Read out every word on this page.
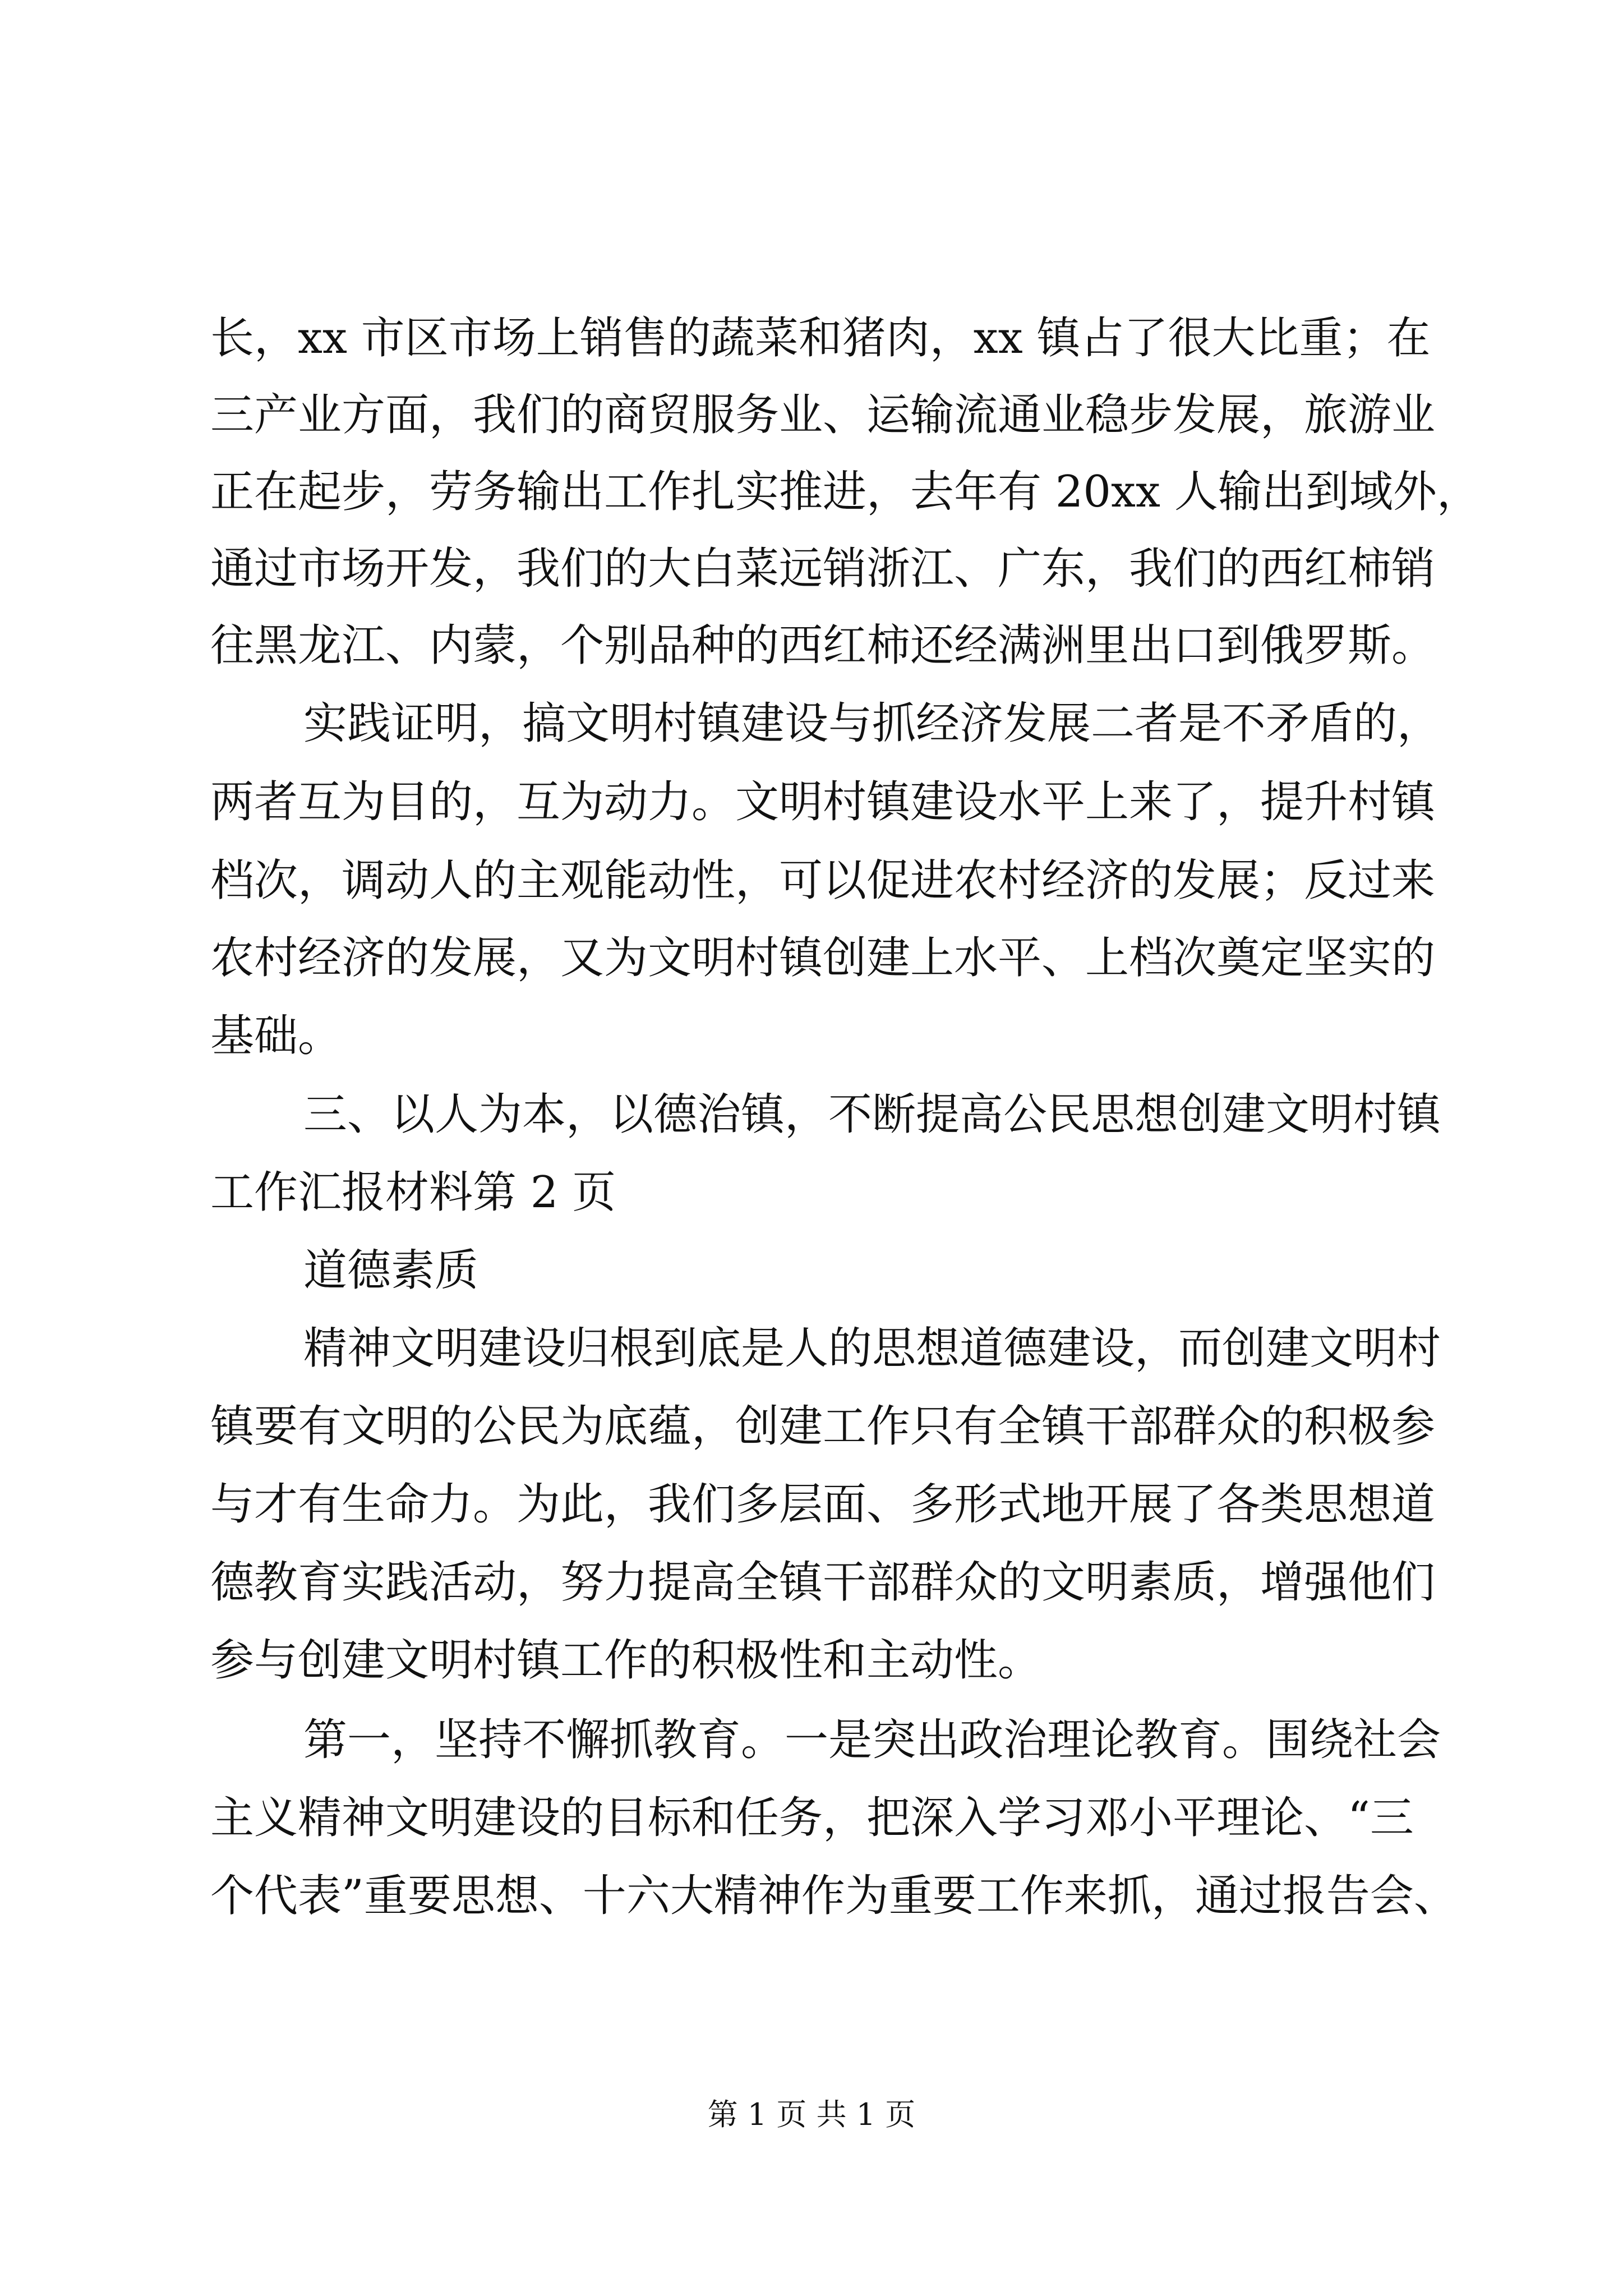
长，xx 市区市场上销售的蔬菜和猪肉，xx 镇占了很大比重；在
三产业方面，我们的商贸服务业、运输流通业稳步发展，旅游业
正在起步，劳务输出工作扎实推进，去年有 20xx 人输出到域外，
通过市场开发，我们的大白菜远销浙江、广东，我们的西红柿销
往黑龙江、内蒙，个别品种的西红柿还经满洲里出口到俄罗斯。
实践证明，搞文明村镇建设与抓经济发展二者是不矛盾的，
两者互为目的，互为动力。文明村镇建设水平上来了，提升村镇
档次，调动人的主观能动性，可以促进农村经济的发展；反过来
农村经济的发展，又为文明村镇创建上水平、上档次奠定坚实的
基础。
三、以人为本，以德治镇，不断提高公民思想创建文明村镇
工作汇报材料第 2 页
道德素质
精神文明建设归根到底是人的思想道德建设，而创建文明村
镇要有文明的公民为底蕴，创建工作只有全镇干部群众的积极参
与才有生命力。为此，我们多层面、多形式地开展了各类思想道
德教育实践活动，努力提高全镇干部群众的文明素质，增强他们
参与创建文明村镇工作的积极性和主动性。
第一，坚持不懈抓教育。一是突出政治理论教育。围绕社会
主义精神文明建设的目标和任务，把深入学习邓小平理论、“三
个代表”重要思想、十六大精神作为重要工作来抓，通过报告会、
第 1 页 共 1 页
